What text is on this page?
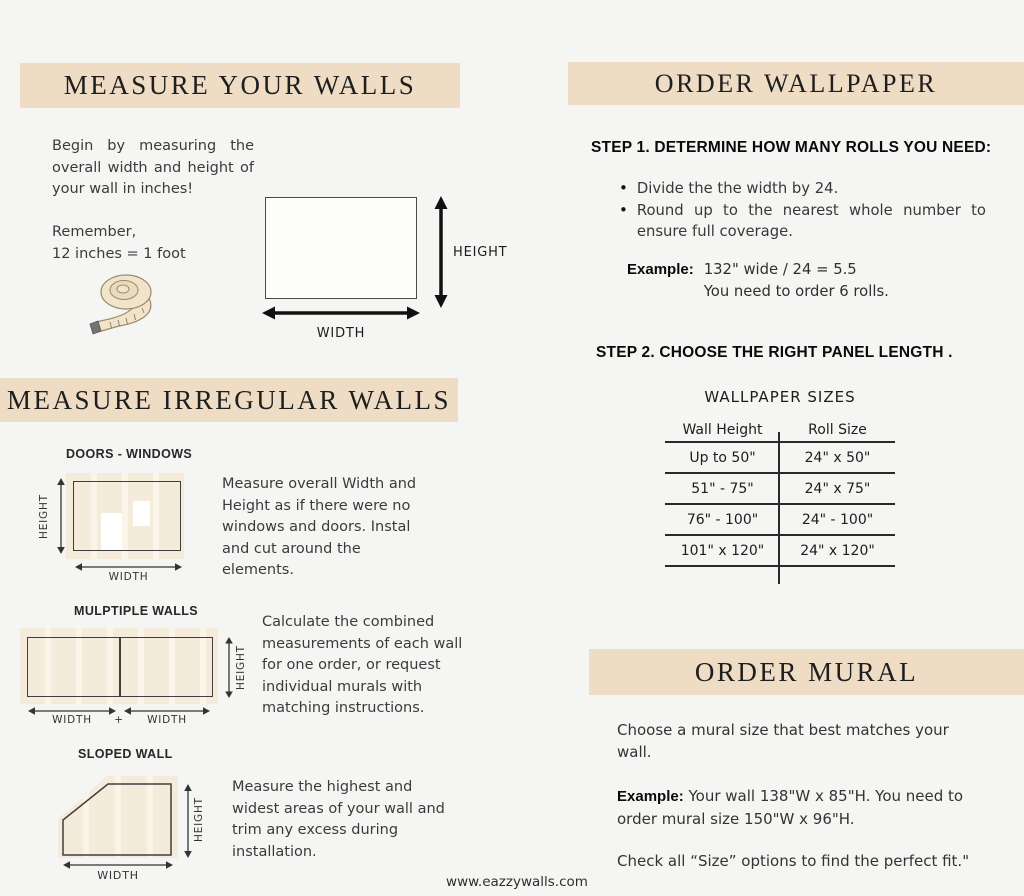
MEASURE YOUR WALLS

Begin by measuring the overall width and height of your wall in inches!

Remember,
12 inches = 1 foot	HEIGHT
WIDTH
MEASURE IRREGULAR WALLS
DOORS - WINDOWS
HEIGHT
WIDTH

Measure overall Width and Height as if there were no windows and doors. Instal and cut around the elements.

MULPTIPLE WALLS
HEIGHT
WIDTH	+	WIDTH

Calculate the combined measurements of each wall for one order, or request individual murals with matching instructions.

SLOPED WALL
HEIGHT
WIDTH

Measure the highest and widest areas of your wall and trim any excess during installation.

ORDER WALLPAPER
STEP 1. DETERMINE HOW MANY ROLLS YOU NEED:
•
Divide the the width by 24.
•
Round up to the nearest whole number to ensure full coverage.
Example: 132" wide / 24 = 5.5
You need to order 6 rolls.
STEP 2. CHOOSE THE RIGHT PANEL LENGTH .
WALLPAPER SIZES
Wall Height	Roll Size
Up to 50"	24" x 50"
51" - 75"	24" x 75"
76" - 100"	24" - 100"
101" x 120"	24" x 120"
ORDER MURAL

Choose a mural size that best matches your wall.

Example: Your wall 138"W x 85"H. You need to order mural size 150"W x 96"H.

Check all “Size” options to find the perfect fit."

www.eazzywalls.com
